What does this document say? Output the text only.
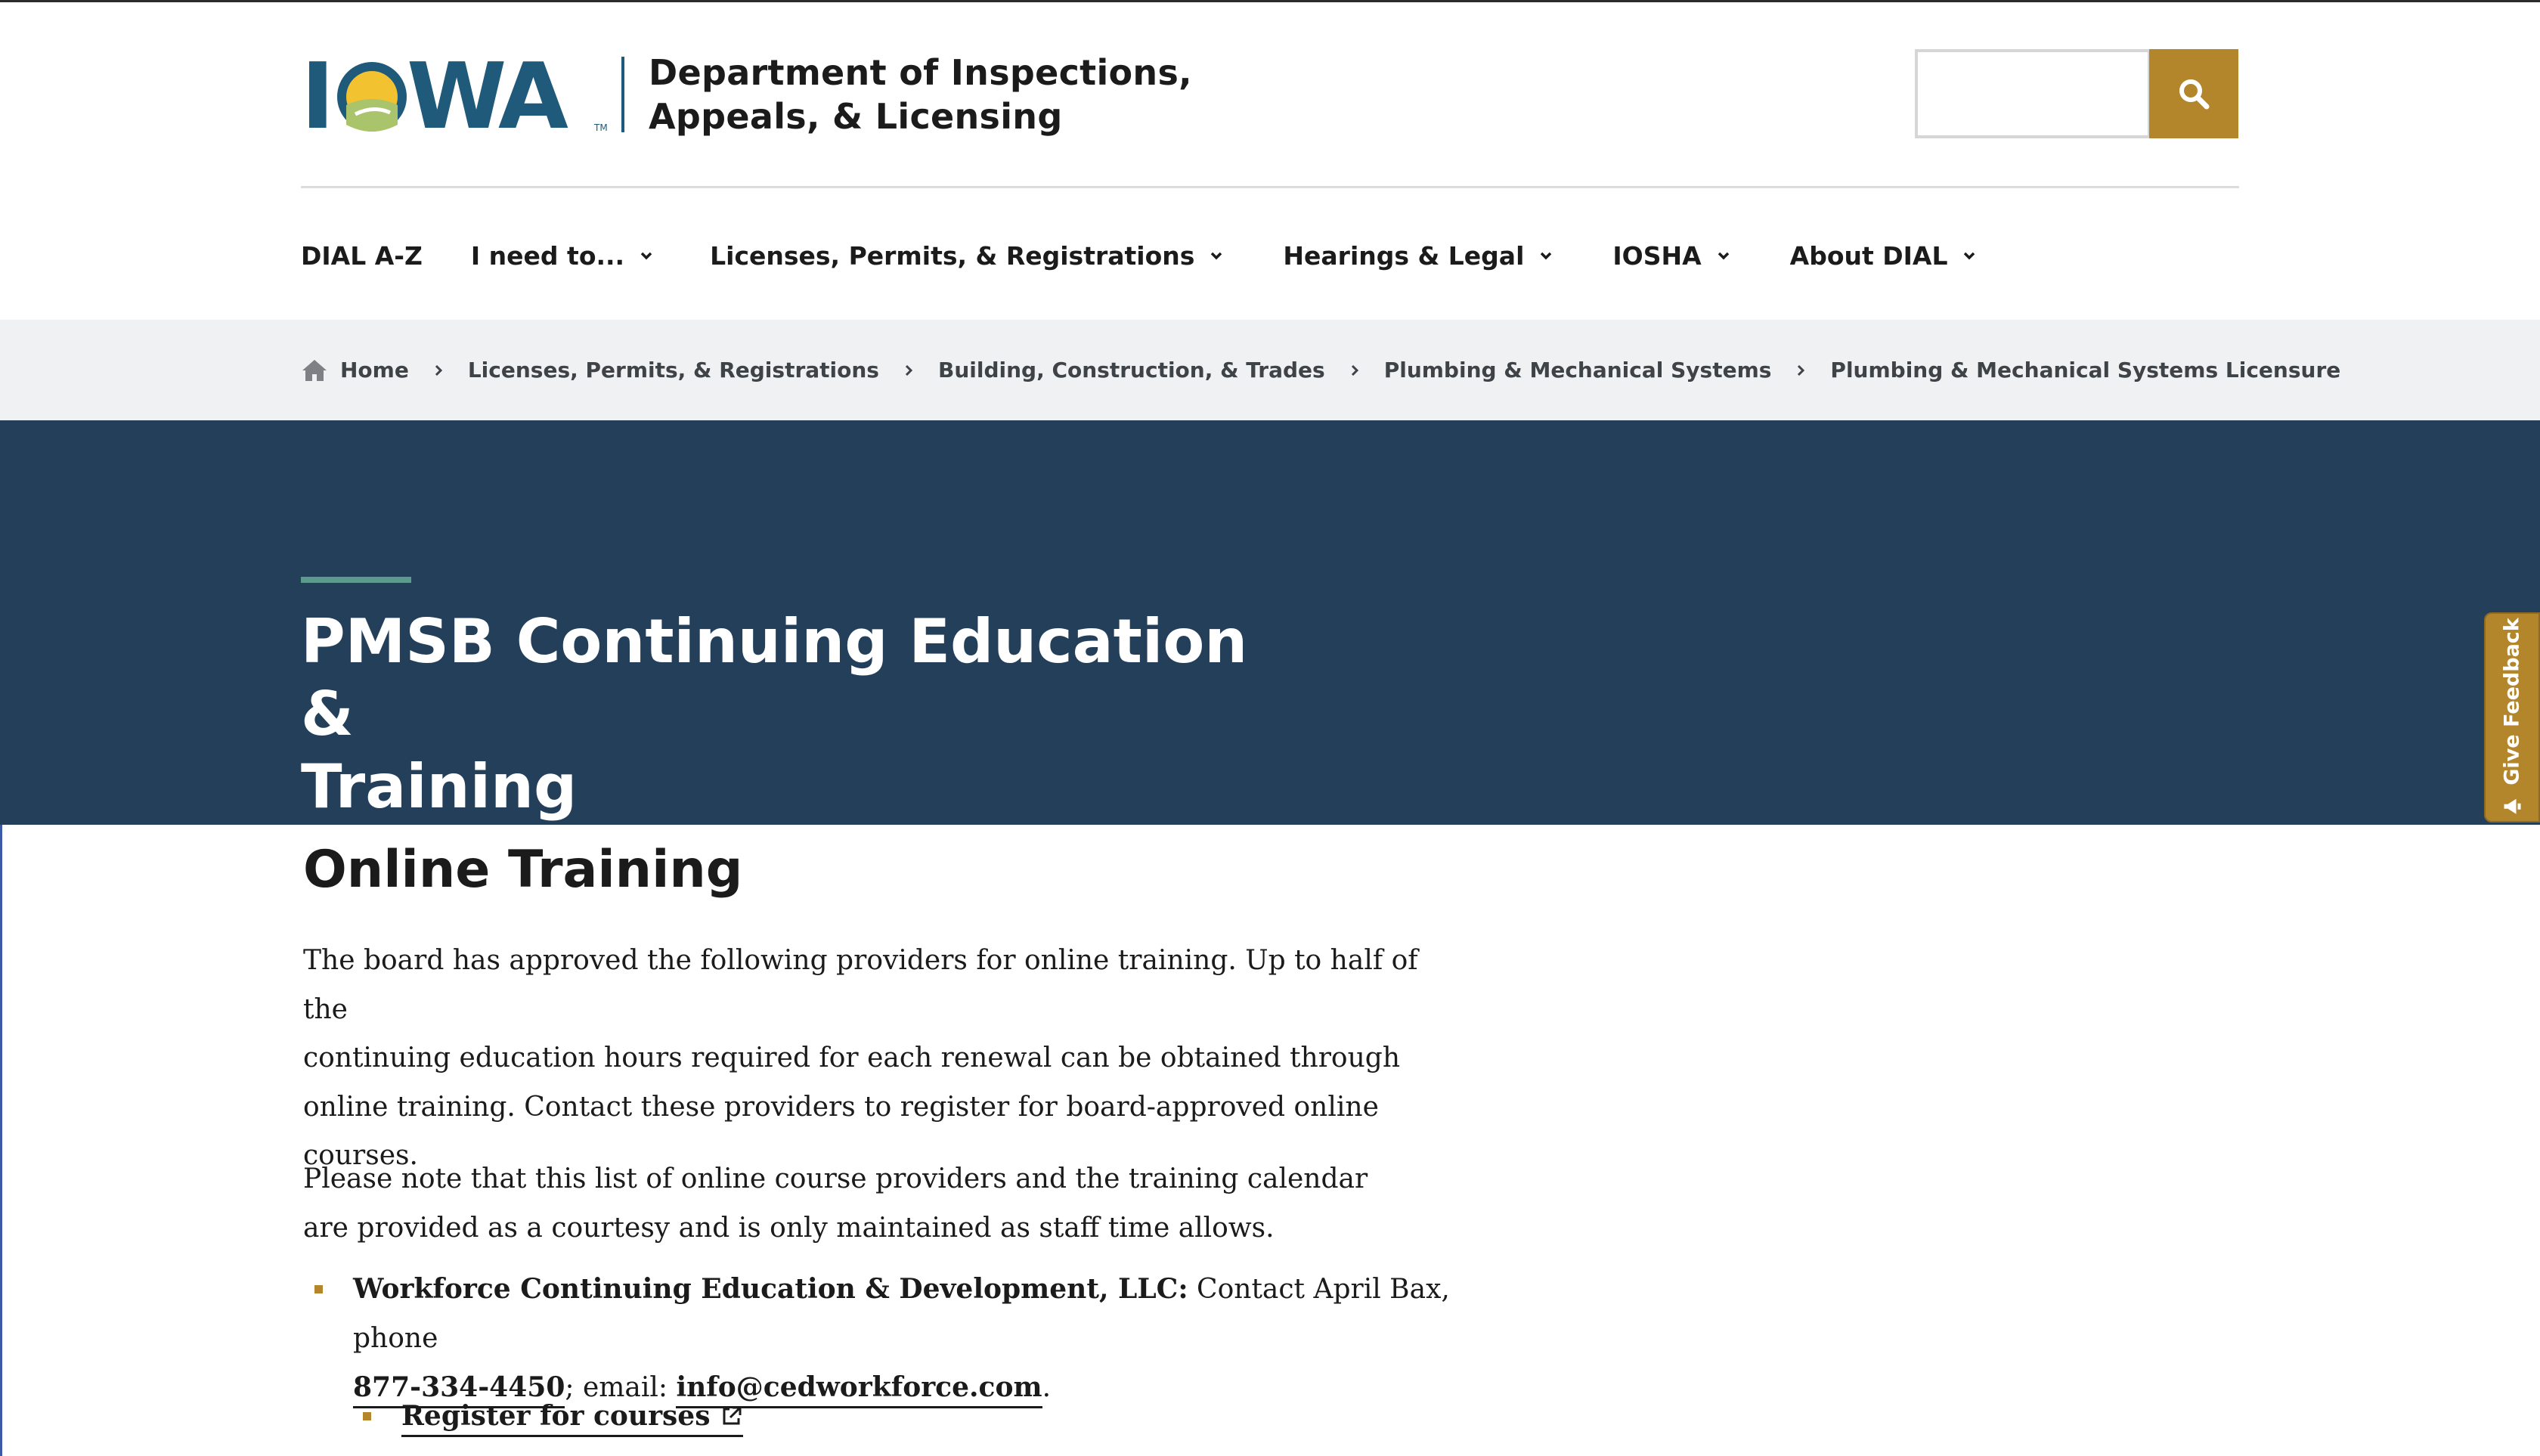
I WA	TM
Department of Inspections,
Appeals, & Licensing
DIAL A-Z I need to...	Licenses, Permits, & Registrations	Hearings & Legal	IOSHA	About DIAL
Home	Licenses, Permits, & Registrations	Building, Construction, & Trades	Plumbing & Mechanical Systems	Plumbing & Mechanical Systems Licensure
PMSB Continuing Education &
Training
Give Feedback
Online Training
The board has approved the following providers for online training. Up to half of the
continuing education hours required for each renewal can be obtained through
online training. Contact these providers to register for board-approved online
courses.
Please note that this list of online course providers and the training calendar
are provided as a courtesy and is only maintained as staff time allows.
Workforce Continuing Education & Development, LLC: Contact April Bax, phone
877-334-4450; email: info@cedworkforce.com.
Register for courses
